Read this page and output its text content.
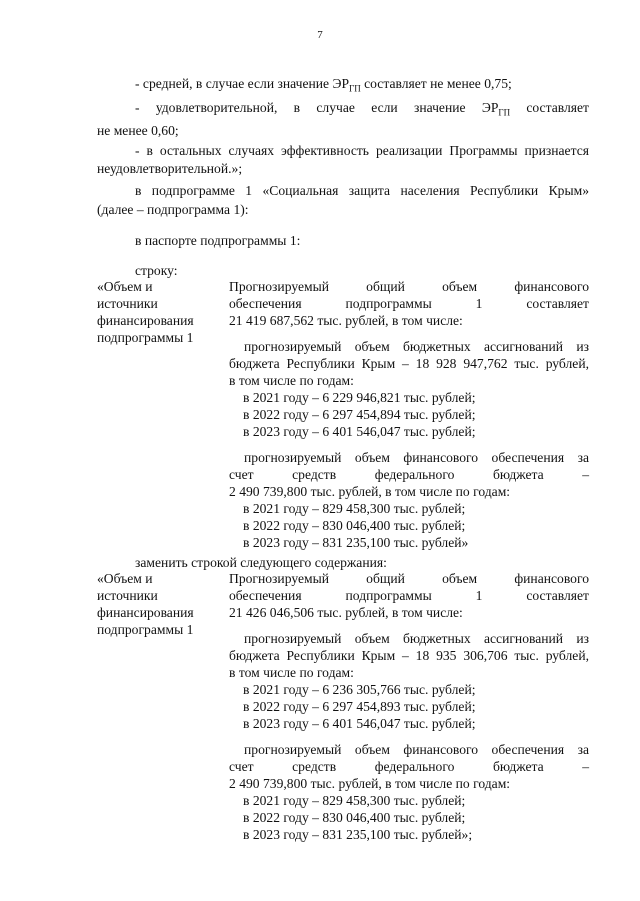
7

- средней, в случае если значение $ЭР_{ГП}$ составляет не менее 0,75;

- удовлетворительной, в случае если значение $ЭР_{ГП}$ составляет

не менее 0,60;

- в остальных случаях эффективность реализации Программы признается

неудовлетворительной.»;

в подпрограмме 1 «Социальная защита населения Республики Крым»

(далее – подпрограмма 1):

в паспорте подпрограммы 1:

строку:

«Объем и
источники
финансирования
подпрограммы 1
Прогнозируемый общий объем финансового
обеспечения подпрограммы 1 составляет
21 419 687,562 тыс. рублей, в том числе:
прогнозируемый объем бюджетных ассигнований из
бюджета Республики Крым – 18 928 947,762 тыс. рублей,
в том числе по годам:
в 2021 году – 6 229 946,821 тыс. рублей;
в 2022 году – 6 297 454,894 тыс. рублей;
в 2023 году – 6 401 546,047 тыс. рублей;
прогнозируемый объем финансового обеспечения за
счет средств федерального бюджета –
2 490 739,800 тыс. рублей, в том числе по годам:
в 2021 году – 829 458,300 тыс. рублей;
в 2022 году – 830 046,400 тыс. рублей;
в 2023 году – 831 235,100 тыс. рублей»

заменить строкой следующего содержания:

«Объем и
источники
финансирования
подпрограммы 1
Прогнозируемый общий объем финансового
обеспечения подпрограммы 1 составляет
21 426 046,506 тыс. рублей, в том числе:
прогнозируемый объем бюджетных ассигнований из
бюджета Республики Крым – 18 935 306,706 тыс. рублей,
в том числе по годам:
в 2021 году – 6 236 305,766 тыс. рублей;
в 2022 году – 6 297 454,893 тыс. рублей;
в 2023 году – 6 401 546,047 тыс. рублей;
прогнозируемый объем финансового обеспечения за
счет средств федерального бюджета –
2 490 739,800 тыс. рублей, в том числе по годам:
в 2021 году – 829 458,300 тыс. рублей;
в 2022 году – 830 046,400 тыс. рублей;
в 2023 году – 831 235,100 тыс. рублей»;
